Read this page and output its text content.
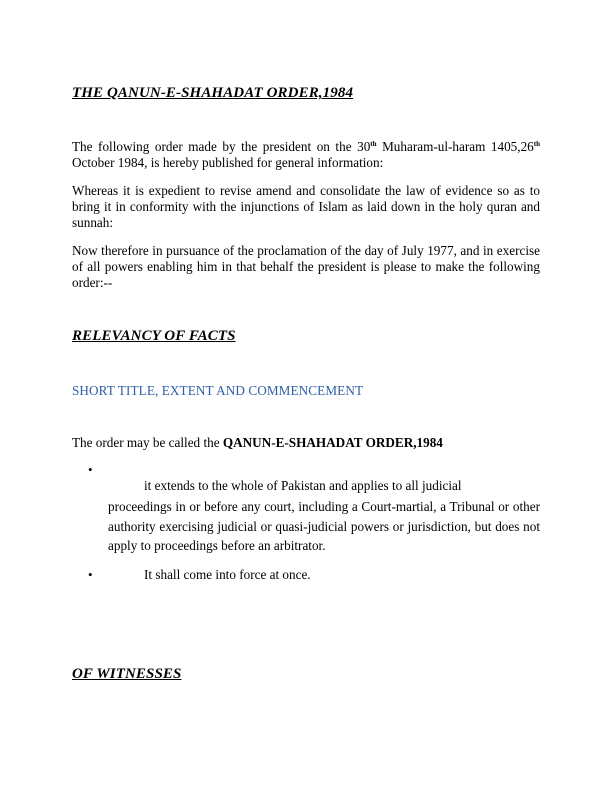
THE QANUN-E-SHAHADAT ORDER,1984
The following order made by the president on the 30th Muharam-ul-haram 1405,26th October 1984, is hereby published for general information:
Whereas it is expedient to revise amend and consolidate the law of evidence so as to bring it in conformity with the injunctions of Islam as laid down in the holy quran and sunnah:
Now therefore in pursuance of the proclamation of the day of July 1977, and in exercise of all powers enabling him in that behalf the president is please to make the following order:--
RELEVANCY OF FACTS
SHORT TITLE, EXTENT AND COMMENCEMENT
The order may be called the QANUN-E-SHAHADAT ORDER,1984
•
it extends to the whole of Pakistan and applies to all judicial
proceedings in or before any court, including a Court-martial, a Tribunal or other authority exercising judicial or quasi-judicial powers or jurisdiction, but does not apply to proceedings before an arbitrator.
•	It shall come into force at once.
OF WITNESSES
